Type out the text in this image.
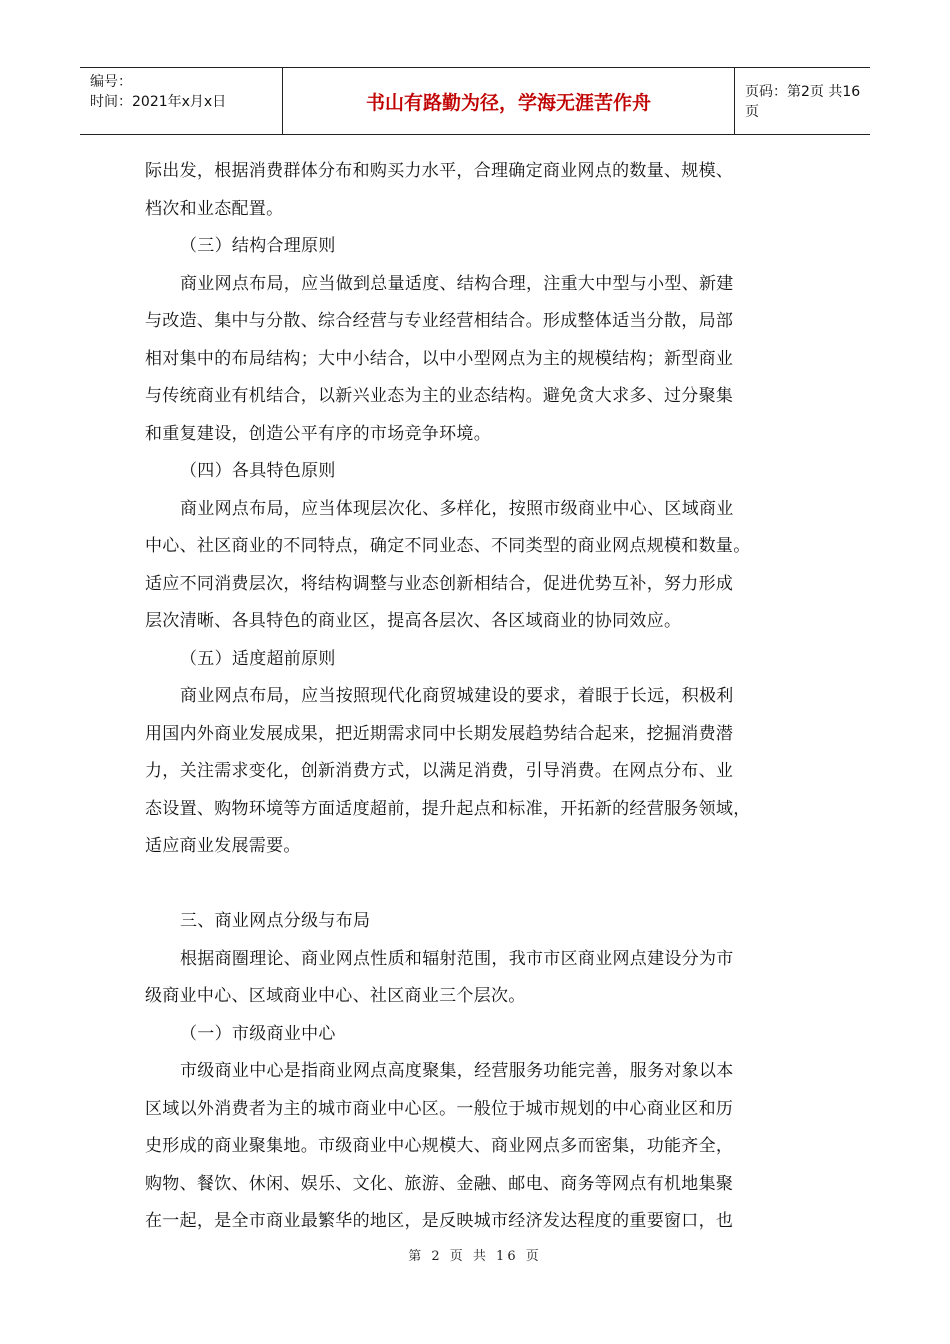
编号：
时间：2021年x月x日	书山有路勤为径，学海无涯苦作舟	页码：第2页 共16页
际出发，根据消费群体分布和购买力水平，合理确定商业网点的数量、规模、
档次和业态配置。
（三）结构合理原则
商业网点布局，应当做到总量适度、结构合理，注重大中型与小型、新建
与改造、集中与分散、综合经营与专业经营相结合。形成整体适当分散，局部
相对集中的布局结构；大中小结合，以中小型网点为主的规模结构；新型商业
与传统商业有机结合，以新兴业态为主的业态结构。避免贪大求多、过分聚集
和重复建设，创造公平有序的市场竞争环境。
（四）各具特色原则
商业网点布局，应当体现层次化、多样化，按照市级商业中心、区域商业
中心、社区商业的不同特点，确定不同业态、不同类型的商业网点规模和数量。
适应不同消费层次，将结构调整与业态创新相结合，促进优势互补，努力形成
层次清晰、各具特色的商业区，提高各层次、各区域商业的协同效应。
（五）适度超前原则
商业网点布局，应当按照现代化商贸城建设的要求，着眼于长远，积极利
用国内外商业发展成果，把近期需求同中长期发展趋势结合起来，挖掘消费潜
力，关注需求变化，创新消费方式，以满足消费，引导消费。在网点分布、业
态设置、购物环境等方面适度超前，提升起点和标准，开拓新的经营服务领域，
适应商业发展需要。
三、商业网点分级与布局
根据商圈理论、商业网点性质和辐射范围，我市市区商业网点建设分为市
级商业中心、区域商业中心、社区商业三个层次。
（一）市级商业中心
市级商业中心是指商业网点高度聚集，经营服务功能完善，服务对象以本
区域以外消费者为主的城市商业中心区。一般位于城市规划的中心商业区和历
史形成的商业聚集地。市级商业中心规模大、商业网点多而密集，功能齐全，
购物、餐饮、休闲、娱乐、文化、旅游、金融、邮电、商务等网点有机地集聚
在一起，是全市商业最繁华的地区，是反映城市经济发达程度的重要窗口，也
第 2 页 共 16 页
